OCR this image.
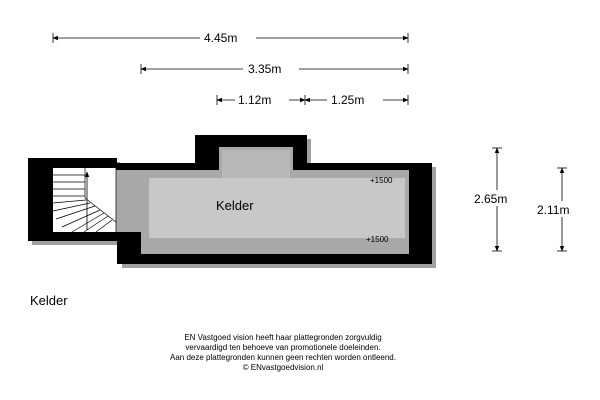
Kelder
+1500
+1500
4.45m
3.35m
1.12m	1.25m
2.65m
2.11m
Kelder
EN Vastgoed vision heeft haar plattegronden zorgvuldig
vervaardigd ten behoeve van promotionele doeleinden.
Aan deze plattegronden kunnen geen rechten worden ontleend.
© ENvastgoedvision.nl
